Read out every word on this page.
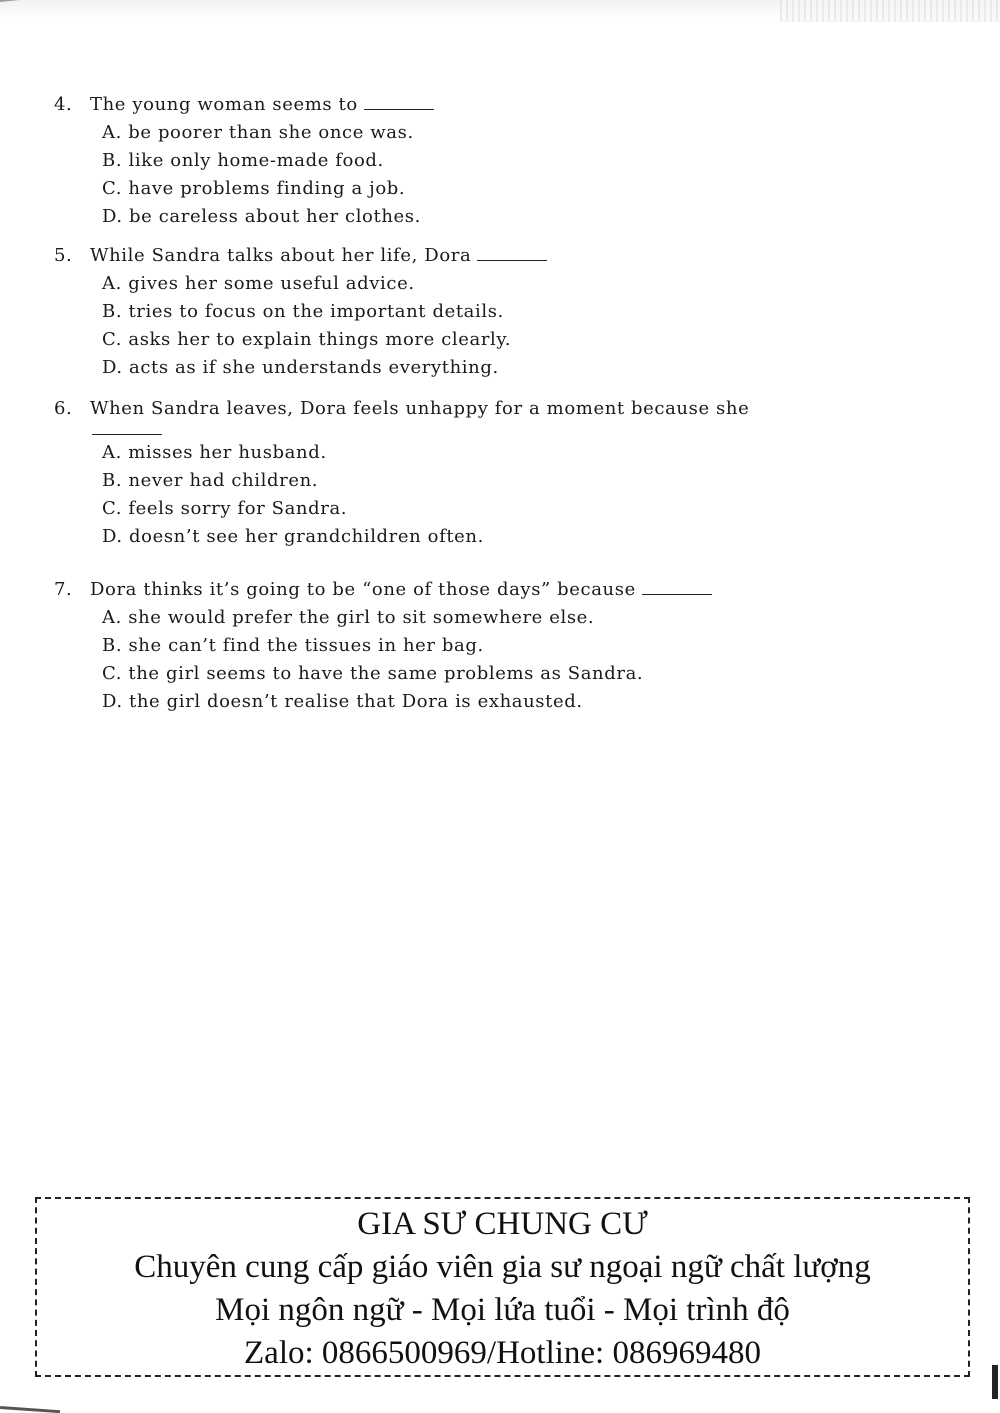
4. The young woman seems to
A. be poorer than she once was.
B. like only home-made food.
C. have problems finding a job.
D. be careless about her clothes.
5. While Sandra talks about her life, Dora
A. gives her some useful advice.
B. tries to focus on the important details.
C. asks her to explain things more clearly.
D. acts as if she understands everything.
6. When Sandra leaves, Dora feels unhappy for a moment because she
A. misses her husband.
B. never had children.
C. feels sorry for Sandra.
D. doesn’t see her grandchildren often.
7. Dora thinks it’s going to be “one of those days” because
A. she would prefer the girl to sit somewhere else.
B. she can’t find the tissues in her bag.
C. the girl seems to have the same problems as Sandra.
D. the girl doesn’t realise that Dora is exhausted.
GIA SƯ CHUNG CƯ
Chuyên cung cấp giáo viên gia sư ngoại ngữ chất lượng
Mọi ngôn ngữ - Mọi lứa tuổi - Mọi trình độ
Zalo: 0866500969/Hotline: 086969480
